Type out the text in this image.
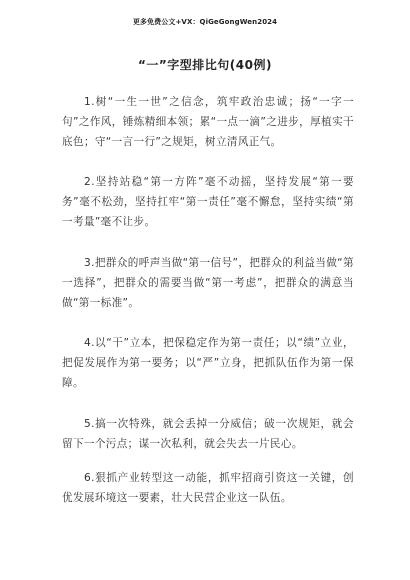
更多免费公文+VX：QiGeGongWen2024
“一”字型排比句(40例)

1.树“一生一世”之信念，筑牢政治忠诚；扬“一字一句”之作风，锤炼精细本领；累“一点一滴”之进步，厚植实干底色；守“一言一行”之规矩，树立清风正气。

2.坚持站稳“第一方阵”毫不动摇，坚持发展“第一要务”毫不松劲，坚持扛牢“第一责任”毫不懈怠，坚持实绩“第一考量”毫不让步。

3.把群众的呼声当做“第一信号”，把群众的利益当做“第一选择”，把群众的需要当做“第一考虑”，把群众的满意当做“第一标准”。

4.以“干”立本，把保稳定作为第一责任；以“绩”立业，把促发展作为第一要务；以“严”立身，把抓队伍作为第一保障。

5.搞一次特殊，就会丢掉一分威信；破一次规矩，就会留下一个污点；谋一次私利，就会失去一片民心。

6.狠抓产业转型这一动能，抓牢招商引资这一关键，创优发展环境这一要素，壮大民营企业这一队伍。
